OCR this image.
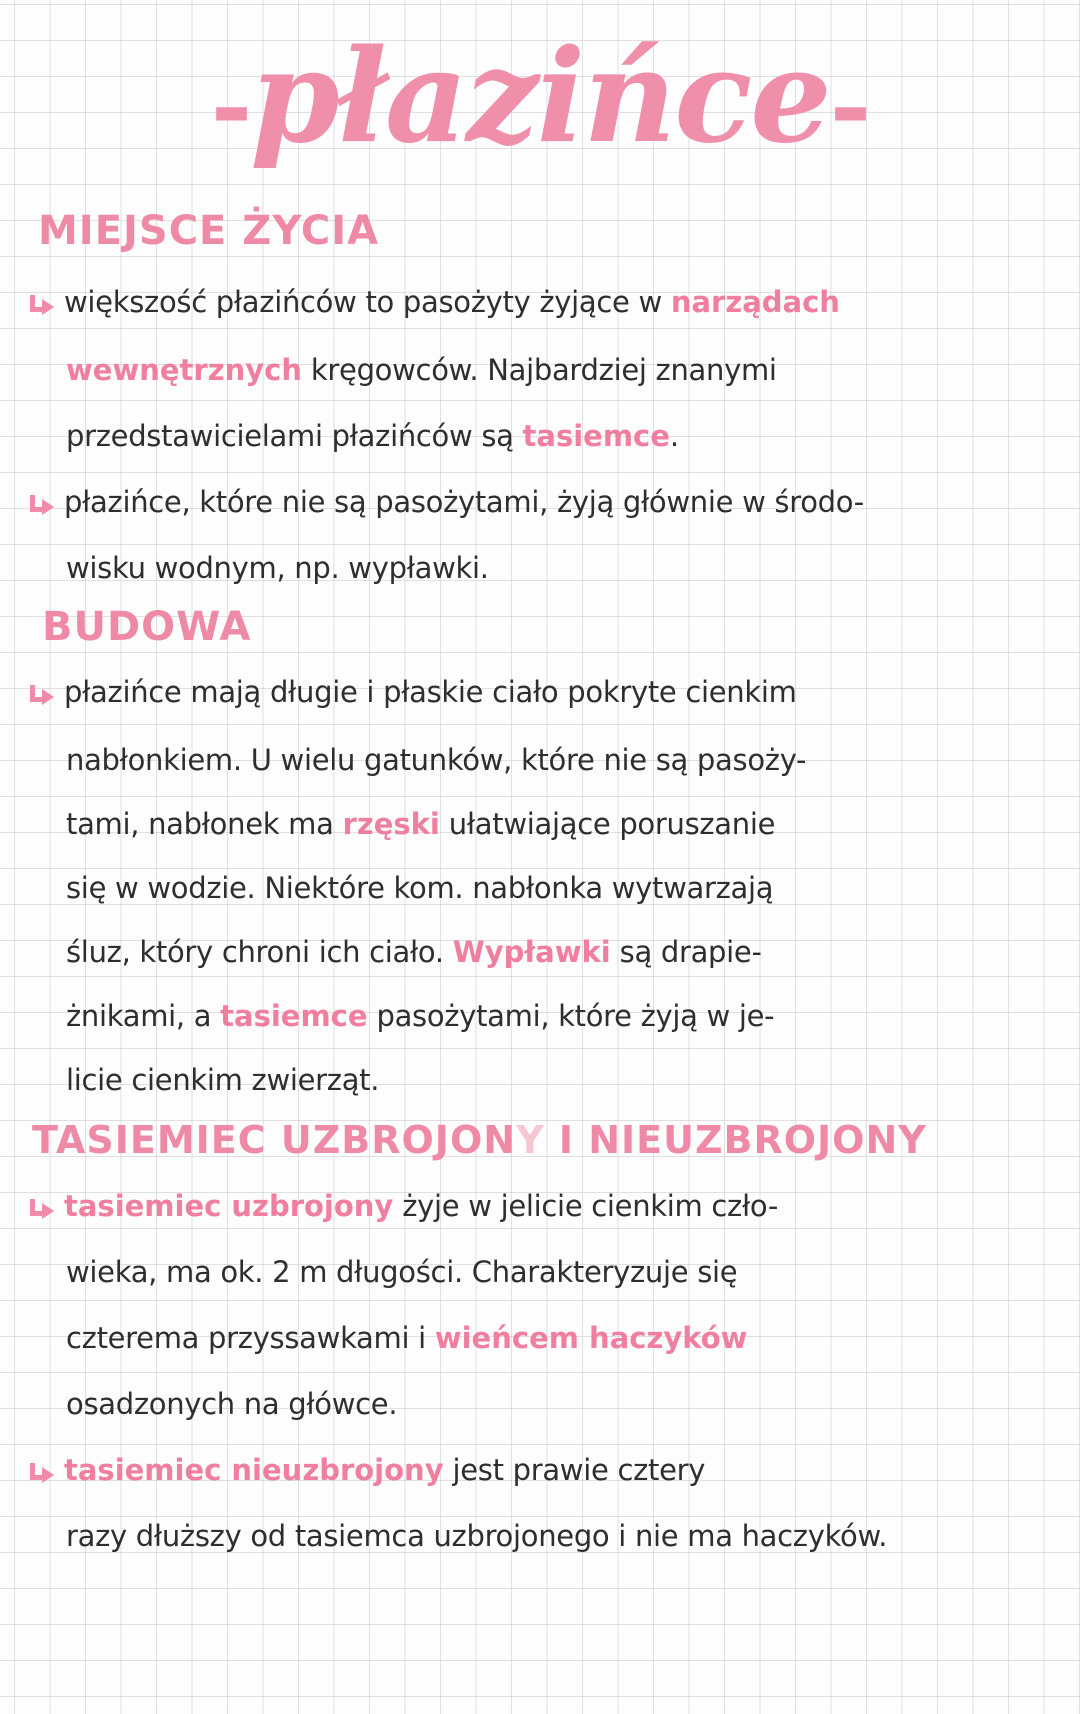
-płazińce-
MIEJSCE ŻYCIA
większość płazińców to pasożyty żyjące w narządach
wewnętrznych kręgowców. Najbardziej znanymi
przedstawicielami płazińców są tasiemce.
płazińce, które nie są pasożytami, żyją głównie w środo-
wisku wodnym, np. wypławki.
BUDOWA
płazińce mają długie i płaskie ciało pokryte cienkim
nabłonkiem. U wielu gatunków, które nie są pasoży-
tami, nabłonek ma rzęski ułatwiające poruszanie
się w wodzie. Niektóre kom. nabłonka wytwarzają
śluz, który chroni ich ciało. Wypławki są drapie-
żnikami, a tasiemce pasożytami, które żyją w je-
licie cienkim zwierząt.
TASIEMIEC UZBROJONY I NIEUZBROJONY
tasiemiec uzbrojony żyje w jelicie cienkim czło-
wieka, ma ok. 2 m długości. Charakteryzuje się
czterema przyssawkami i wieńcem haczyków
osadzonych na główce.
tasiemiec nieuzbrojony jest prawie cztery
razy dłuższy od tasiemca uzbrojonego i nie ma haczyków.
